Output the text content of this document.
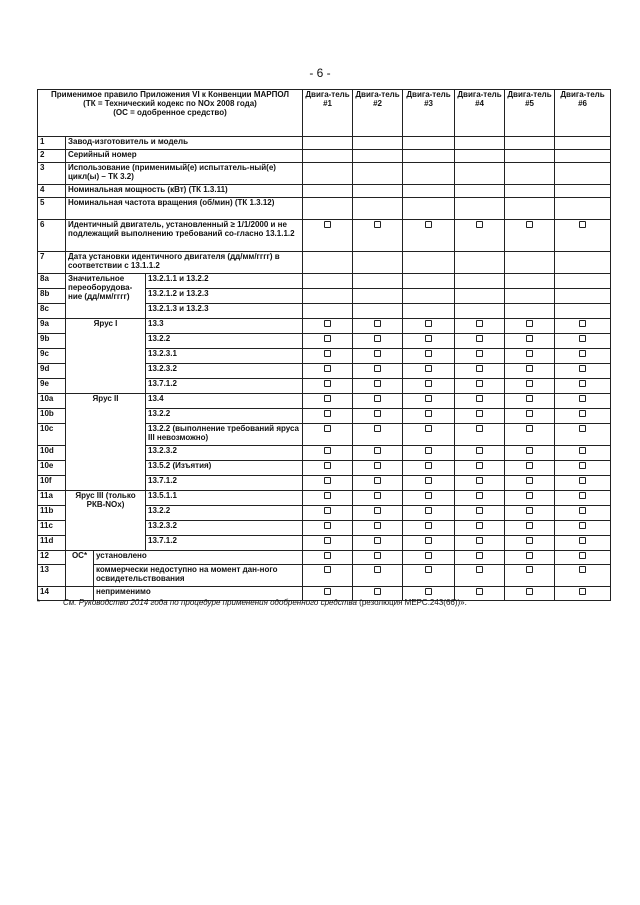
- 6 -
Применимое правило Приложения VI к Конвенции МАРПОЛ
(ТК = Технический кодекс по NOx 2008 года)
(ОС = одобренное средство)				Двига-тель #1	Двига-тель #2	Двига-тель #3	Двига-тель #4	Двига-тель #5	Двига-тель #6
1	Завод-изготовитель и модель								
2	Серийный номер								
3	Использование (применимый(е) испытатель-ный(е) цикл(ы) – ТК 3.2)								
4	Номинальная мощность (кВт) (ТК 1.3.11)								
5	Номинальная частота вращения (об/мин) (ТК 1.3.12)								
6	Идентичный двигатель, установленный ≥ 1/1/2000 и не подлежащий выполнению требований со-гласно 13.1.1.2								
7	Дата установки идентичного двигателя (дд/мм/гггг) в соответствии с 13.1.1.2								
8a	Значительное переоборудова-ние (дд/мм/гггг)		13.2.1.1 и 13.2.2						
8b			13.2.1.2 и 13.2.3						
8c			13.2.1.3 и 13.2.3						
9a	Ярус I		13.3						
9b			13.2.2						
9c			13.2.3.1						
9d			13.2.3.2						
9e			13.7.1.2						
10a	Ярус II		13.4						
10b			13.2.2						
10c			13.2.2 (выполнение требований яруса III невозможно)						
10d			13.2.3.2						
10e			13.5.2 (Изъятия)						
10f			13.7.1.2						
11a	Ярус III (только РКВ-NOx)		13.5.1.1						
11b			13.2.2						
11c			13.2.3.2						
11d			13.7.1.2						
12	ОС*	установлено							
13		коммерчески недоступно на момент дан-ного освидетельствования							
14		неприменимо							
*	См. Руководство 2014 года по процедуре применения одобренного средства (резолюция МЕРС.243(66))».
